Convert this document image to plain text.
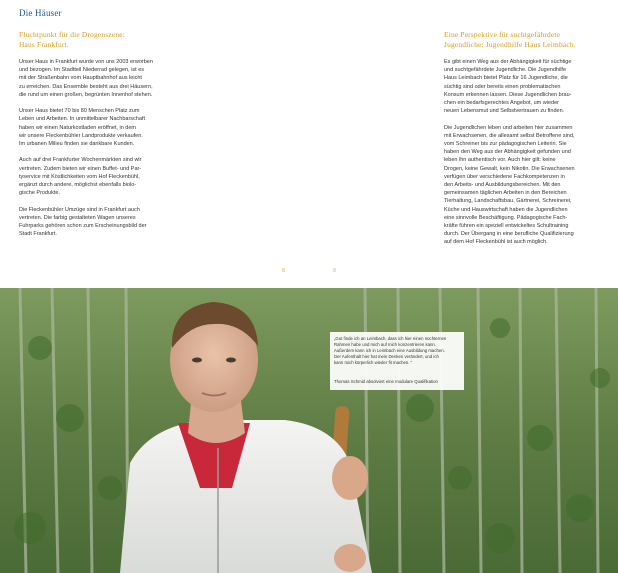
Die Häuser
Fluchtpunkt für die Drogenszene:
Haus Frankfurt.

Unser Haus in Frankfurt wurde von uns 2003 erworben
und bezogen. Im Stadtteil Niederrad gelegen, ist es
mit der Straßenbahn vom Hauptbahnhof aus leicht
zu erreichen. Das Ensemble besteht aus drei Häusern,
die rund um einen großen, begrünten Innenhof stehen.

Unser Haus bietet 70 bis 80 Menschen Platz zum
Leben und Arbeiten. In unmittelbarer Nachbarschaft
haben wir einen Naturkostladen eröffnet, in dem
wir unsere Fleckenbühler Landprodukte verkaufen.
Im urbanen Milieu finden sie dankbare Kunden.

Auch auf drei Frankfurter Wochenmärkten sind wir
vertreten. Zudem bieten wir einen Buffet- und Par-
tyservice mit Köstlichkeiten vom Hof Fleckenbühl,
ergänzt durch andere, möglichst ebenfalls biolo-
gische Produkte.

Die Fleckenbühler Umzüge sind in Frankfurt auch
vertreten. Die farbig gestalteten Wagen unseres
Fuhrparks gehören schon zum Erscheinungsbild der
Stadt Frankfurt.

Eine Perspektive für suchtgefährdete
Jugendliche: Jugendhilfe Haus Leimbach.

Es gibt einen Weg aus der Abhängigkeit für süchtige
und suchtgefährdete Jugendliche. Die Jugendhilfe
Haus Leimbach bietet Platz für 16 Jugendliche, die
süchtig sind oder bereits einen problematischen
Konsum erkennen lassen. Diese Jugendlichen brau-
chen ein bedarfsgerechtes Angebot, um wieder
neuen Lebensmut und Selbstvertrauen zu finden.

Die Jugendlichen leben und arbeiten hier zusammen
mit Erwachsenen, die allesamt selbst Betroffene sind,
vom Schreiner bis zur pädagogischen Leiterin. Sie
haben den Weg aus der Abhängigkeit gefunden und
leben ihn authentisch vor. Auch hier gilt: keine
Drogen, keine Gewalt, kein Nikotin. Die Erwachsenen
verfügen über verschiedene Fachkompetenzen in
den Arbeits- und Ausbildungsbereichen. Mit den
gemeinsamen täglichen Arbeiten in den Bereichen
Tierhaltung, Landschaftsbau, Gärtnerei, Schreinerei,
Küche und Hauswirtschaft haben die Jugendlichen
eine sinnvolle Beschäftigung. Pädagogische Fach-
kräfte führen ein speziell entwickeltes Schultraining
durch. Der Übergang in eine berufliche Qualifizierung
auf dem Hof Fleckenbühl ist auch möglich.

8	9
„Gut finde ich an Leimbach, dass ich hier einen nüchternen
Rahmen habe und mich auf mich konzentrieren kann.
Außerdem kann ich in Leimbach eine Ausbildung machen.
Der Aufenthalt hier hat mein Denken verändert, und ich
kann mich körperlich wieder fit machen. “
Thomas Schmid absolviert eine modulare Qualifikation
